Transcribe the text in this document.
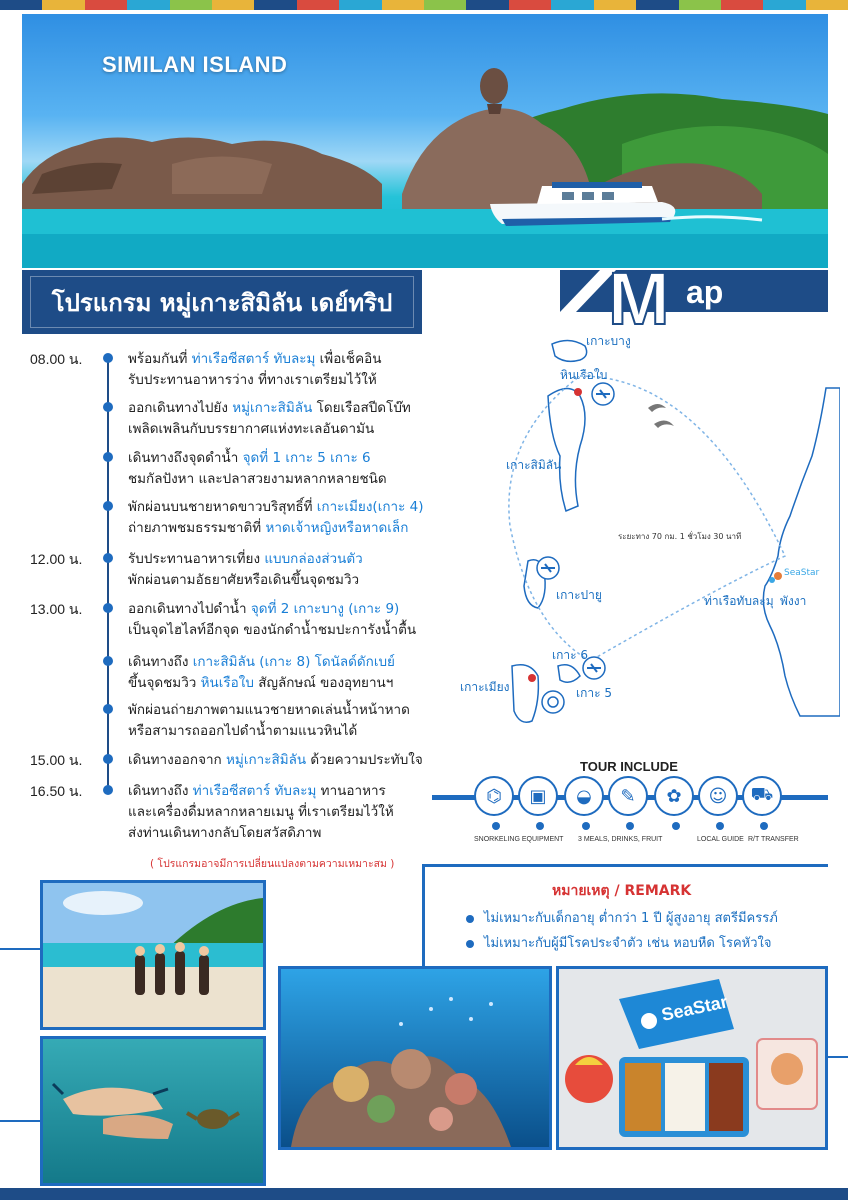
SIMILAN ISLAND
โปรแกรม หมู่เกาะสิมิลัน เดย์ทริป	M ap
08.00 น.	พร้อมกันที่ ท่าเรือซีสตาร์ ทับละมุ เพื่อเช็คอิน
รับประทานอาหารว่าง ที่ทางเราเตรียมไว้ให้
ออกเดินทางไปยัง หมู่เกาะสิมิลัน โดยเรือสปีดโบ๊ท
เพลิดเพลินกับบรรยากาศแห่งทะเลอันดามัน
เดินทางถึงจุดดำน้ำ จุดที่ 1 เกาะ 5 เกาะ 6
ชมกัลปังหา และปลาสวยงามหลากหลายชนิด
พักผ่อนบนชายหาดขาวบริสุทธิ์ที่ เกาะเมียง(เกาะ 4)
ถ่ายภาพชมธรรมชาติที่ หาดเจ้าหญิงหรือหาดเล็ก
12.00 น.	รับประทานอาหารเที่ยง แบบกล่องส่วนตัว
พักผ่อนตามอัธยาศัยหรือเดินขึ้นจุดชมวิว
13.00 น.	ออกเดินทางไปดำน้ำ จุดที่ 2 เกาะบางู (เกาะ 9)
เป็นจุดไฮไลท์อีกจุด ของนักดำน้ำชมปะการังน้ำตื้น
เดินทางถึง เกาะสิมิลัน (เกาะ 8) โดนัลด์ดักเบย์
ขึ้นจุดชมวิว หินเรือใบ สัญลักษณ์ ของอุทยานฯ
พักผ่อนถ่ายภาพตามแนวชายหาดเล่นน้ำหน้าหาด
หรือสามารถออกไปดำน้ำตามแนวหินได้
15.00 น.	เดินทางออกจาก หมู่เกาะสิมิลัน ด้วยความประทับใจ
16.50 น.	เดินทางถึง ท่าเรือซีสตาร์ ทับละมุ ทานอาหาร
และเครื่องดื่มหลากหลายเมนู ที่เราเตรียมไว้ให้
ส่งท่านเดินทางกลับโดยสวัสดิภาพ
( โปรแกรมอาจมีการเปลี่ยนแปลงตามความเหมาะสม )
เกาะบางู
หินเรือใบ
เกาะสิมิลัน
ระยะทาง 70 กม. 1 ชั่วโมง 30 นาที
เกาะปายู	ท่าเรือทับละมุ พังงา
SeaStar
เกาะ 6
เกาะ 5
เกาะเมียง
TOUR INCLUDE
⌬	▣	◒	✎	✿	☺	⛟
SNORKELING EQUIPMENT 3 MEALS, DRINKS, FRUIT	LOCAL GUIDE R/T TRANSFER
หมายเหตุ / REMARK
ไม่เหมาะกับเด็กอายุ ต่ำกว่า 1 ปี ผู้สูงอายุ สตรีมีครรภ์
ไม่เหมาะกับผู้มีโรคประจำตัว เช่น หอบหืด โรคหัวใจ
SeaStar
